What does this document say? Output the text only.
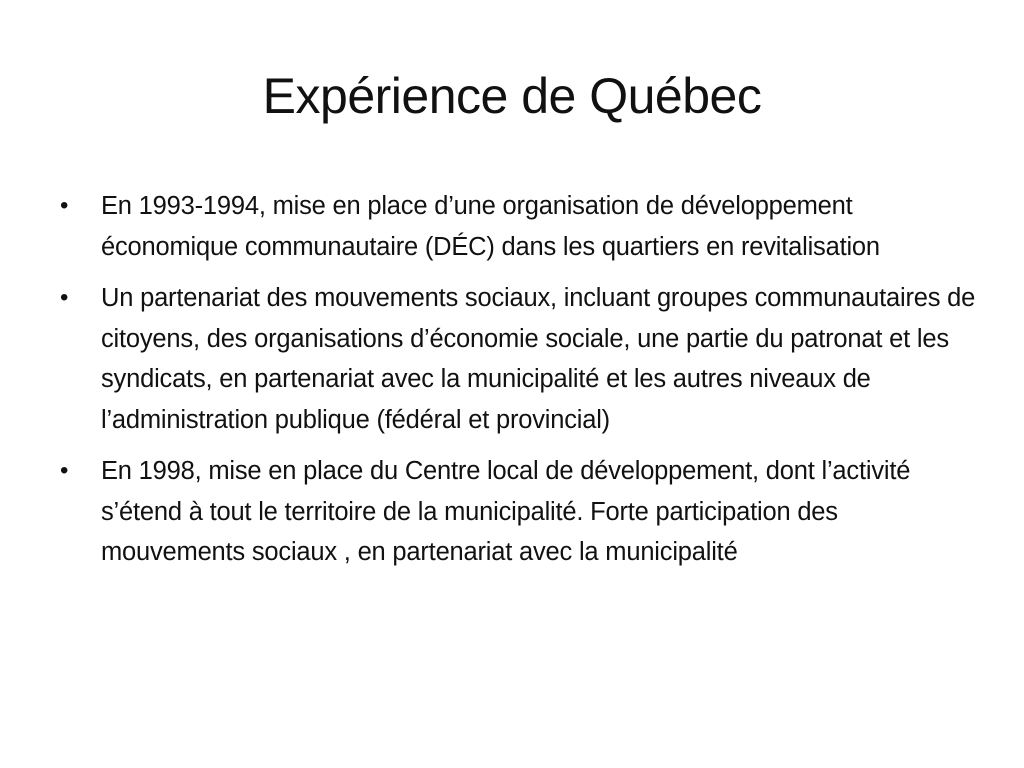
Expérience de Québec
•	En 1993-1994, mise en place d’une organisation de développement économique communautaire (DÉC) dans les quartiers en revitalisation
•	Un partenariat des mouvements sociaux, incluant groupes communautaires de citoyens, des organisations d’économie sociale, une partie du patronat et les syndicats, en partenariat avec la municipalité et les autres niveaux de l’administration publique (fédéral et provincial)
•	En 1998, mise en place du Centre local de développement, dont l’activité s’étend à tout le territoire de la municipalité. Forte participation des mouvements sociaux , en partenariat avec la municipalité
